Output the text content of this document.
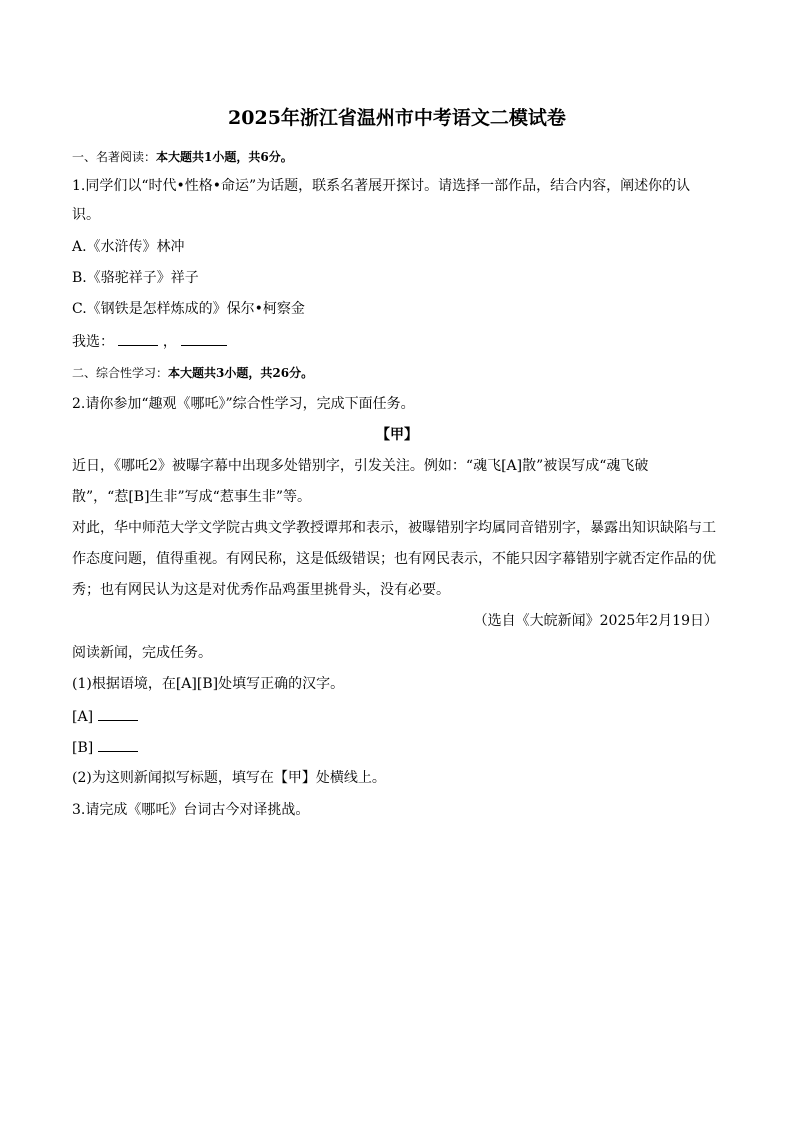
2025年浙江省温州市中考语文二模试卷
一、名著阅读：本大题共1小题，共6分。
1.同学们以“时代•性格•命运”为话题，联系名著展开探讨。请选择一部作品，结合内容，阐述你的认
识。
A.《水浒传》林冲
B.《骆驼祥子》祥子
C.《钢铁是怎样炼成的》保尔•柯察金
我选：	，
二、综合性学习：本大题共3小题，共26分。
2.请你参加“趣观《哪吒》”综合性学习，完成下面任务。
【甲】
近日，《哪吒2》被曝字幕中出现多处错别字，引发关注。例如：“魂飞[A]散”被误写成“魂飞破
散”，“惹[B]生非”写成“惹事生非”等。
对此，华中师范大学文学院古典文学教授谭邦和表示，被曝错别字均属同音错别字，暴露出知识缺陷与工
作态度问题，值得重视。有网民称，这是低级错误；也有网民表示，不能只因字幕错别字就否定作品的优
秀；也有网民认为这是对优秀作品鸡蛋里挑骨头，没有必要。
（选自《大皖新闻》2025年2月19日）
阅读新闻，完成任务。
(1)根据语境，在[A][B]处填写正确的汉字。
[A]
[B]
(2)为这则新闻拟写标题，填写在【甲】处横线上。
3.请完成《哪吒》台词古今对译挑战。
